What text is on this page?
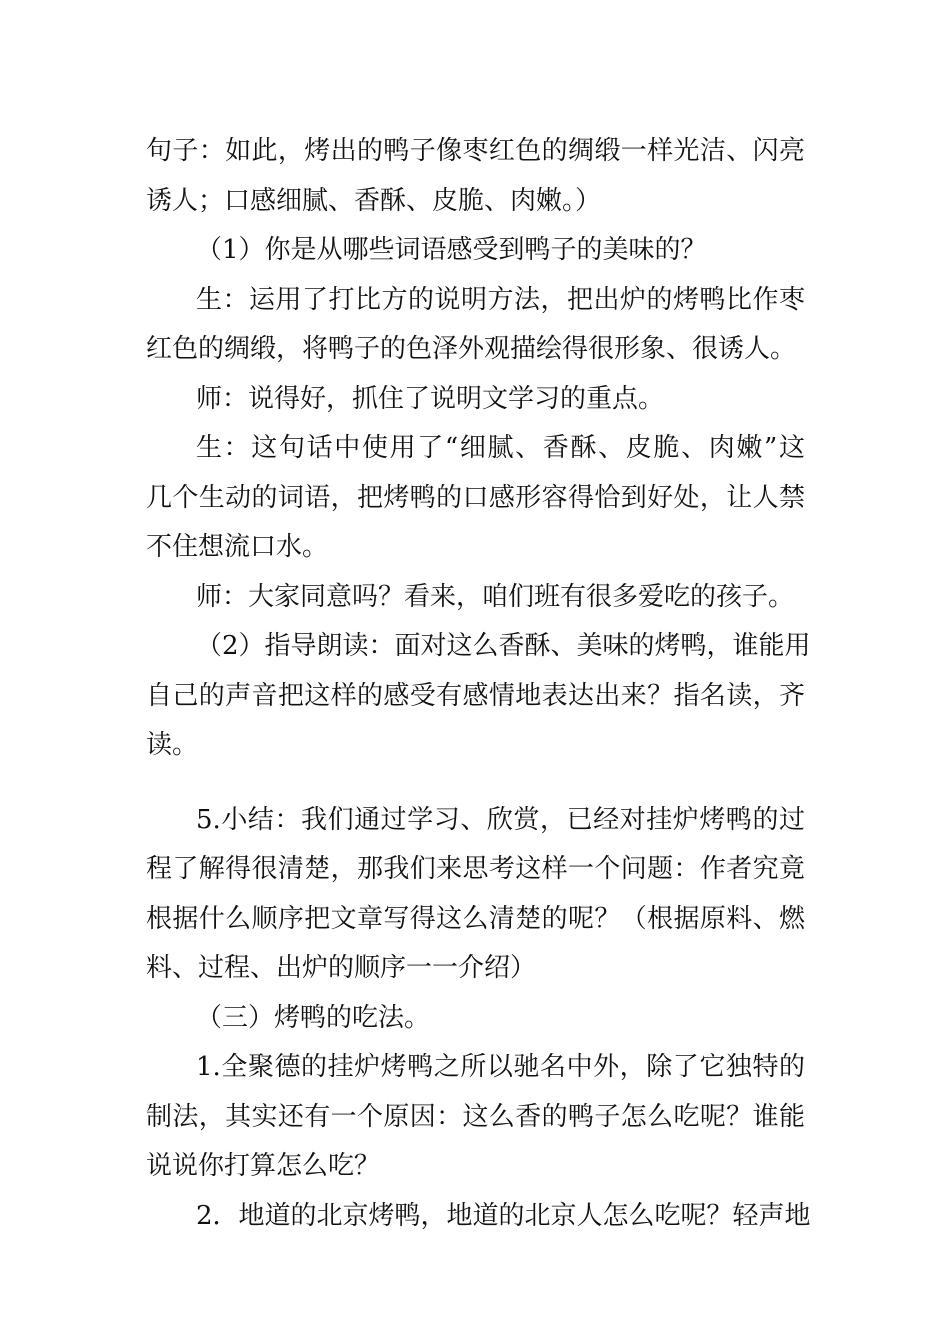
句子：如此，烤出的鸭子像枣红色的绸缎一样光洁、闪亮
诱人；口感细腻、香酥、皮脆、肉嫩。）
（1）你是从哪些词语感受到鸭子的美味的？
生：运用了打比方的说明方法，把出炉的烤鸭比作枣
红色的绸缎，将鸭子的色泽外观描绘得很形象、很诱人。
师：说得好，抓住了说明文学习的重点。
生：这句话中使用了“细腻、香酥、皮脆、肉嫩”这
几个生动的词语，把烤鸭的口感形容得恰到好处，让人禁
不住想流口水。
师：大家同意吗？看来，咱们班有很多爱吃的孩子。
（2）指导朗读：面对这么香酥、美味的烤鸭，谁能用
自己的声音把这样的感受有感情地表达出来？指名读，齐
读。
5.小结：我们通过学习、欣赏，已经对挂炉烤鸭的过
程了解得很清楚，那我们来思考这样一个问题：作者究竟
根据什么顺序把文章写得这么清楚的呢？（根据原料、燃
料、过程、出炉的顺序一一介绍）
（三）烤鸭的吃法。
1.全聚德的挂炉烤鸭之所以驰名中外，除了它独特的
制法，其实还有一个原因：这么香的鸭子怎么吃呢？谁能
说说你打算怎么吃？
2．地道的北京烤鸭，地道的北京人怎么吃呢？轻声地
